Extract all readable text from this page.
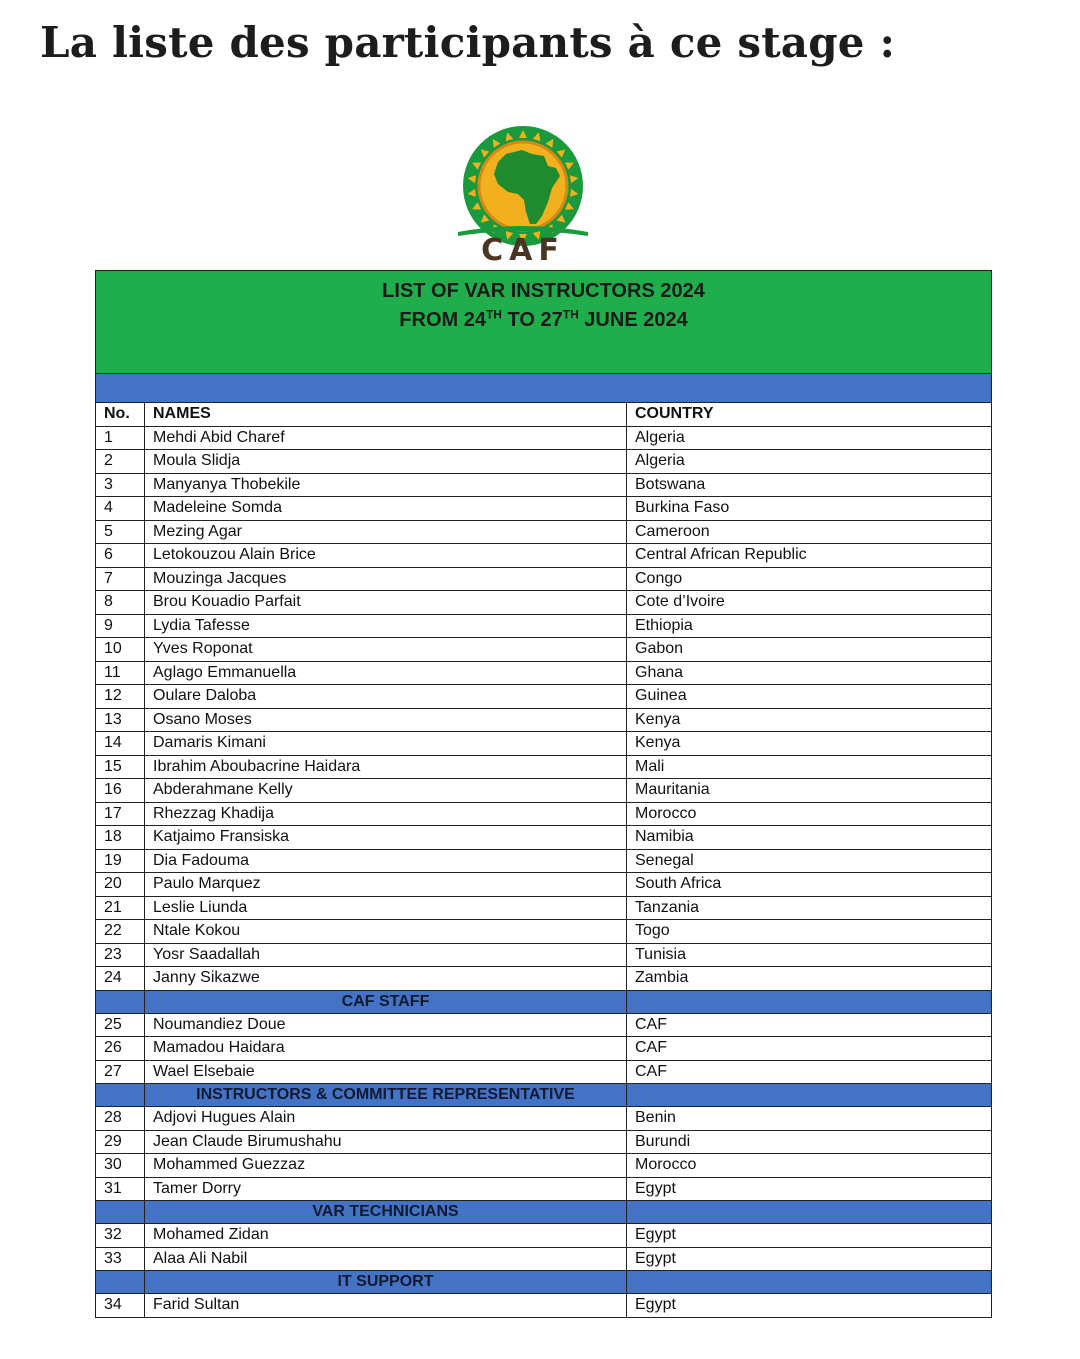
La liste des participants à ce stage :
CAF
LIST OF VAR INSTRUCTORS 2024
FROM 24TH TO 27TH JUNE 2024		

No.	NAMES	COUNTRY
1	Mehdi Abid Charef	Algeria
2	Moula Slidja	Algeria
3	Manyanya Thobekile	Botswana
4	Madeleine Somda	Burkina Faso
5	Mezing Agar	Cameroon
6	Letokouzou Alain Brice	Central African Republic
7	Mouzinga Jacques	Congo
8	Brou Kouadio Parfait	Cote d’Ivoire
9	Lydia Tafesse	Ethiopia
10	Yves Roponat	Gabon
11	Aglago Emmanuella	Ghana
12	Oulare Daloba	Guinea
13	Osano Moses	Kenya
14	Damaris Kimani	Kenya
15	Ibrahim Aboubacrine Haidara	Mali
16	Abderahmane Kelly	Mauritania
17	Rhezzag Khadija	Morocco
18	Katjaimo Fransiska	Namibia
19	Dia Fadouma	Senegal
20	Paulo Marquez	South Africa
21	Leslie Liunda	Tanzania
22	Ntale Kokou	Togo
23	Yosr Saadallah	Tunisia
24	Janny Sikazwe	Zambia
	CAF STAFF	
25	Noumandiez Doue	CAF
26	Mamadou Haidara	CAF
27	Wael Elsebaie	CAF
	INSTRUCTORS & COMMITTEE REPRESENTATIVE	
28	Adjovi Hugues Alain	Benin
29	Jean Claude Birumushahu	Burundi
30	Mohammed Guezzaz	Morocco
31	Tamer Dorry	Egypt
	VAR TECHNICIANS	
32	Mohamed Zidan	Egypt
33	Alaa Ali Nabil	Egypt
	IT SUPPORT	
34	Farid Sultan	Egypt
